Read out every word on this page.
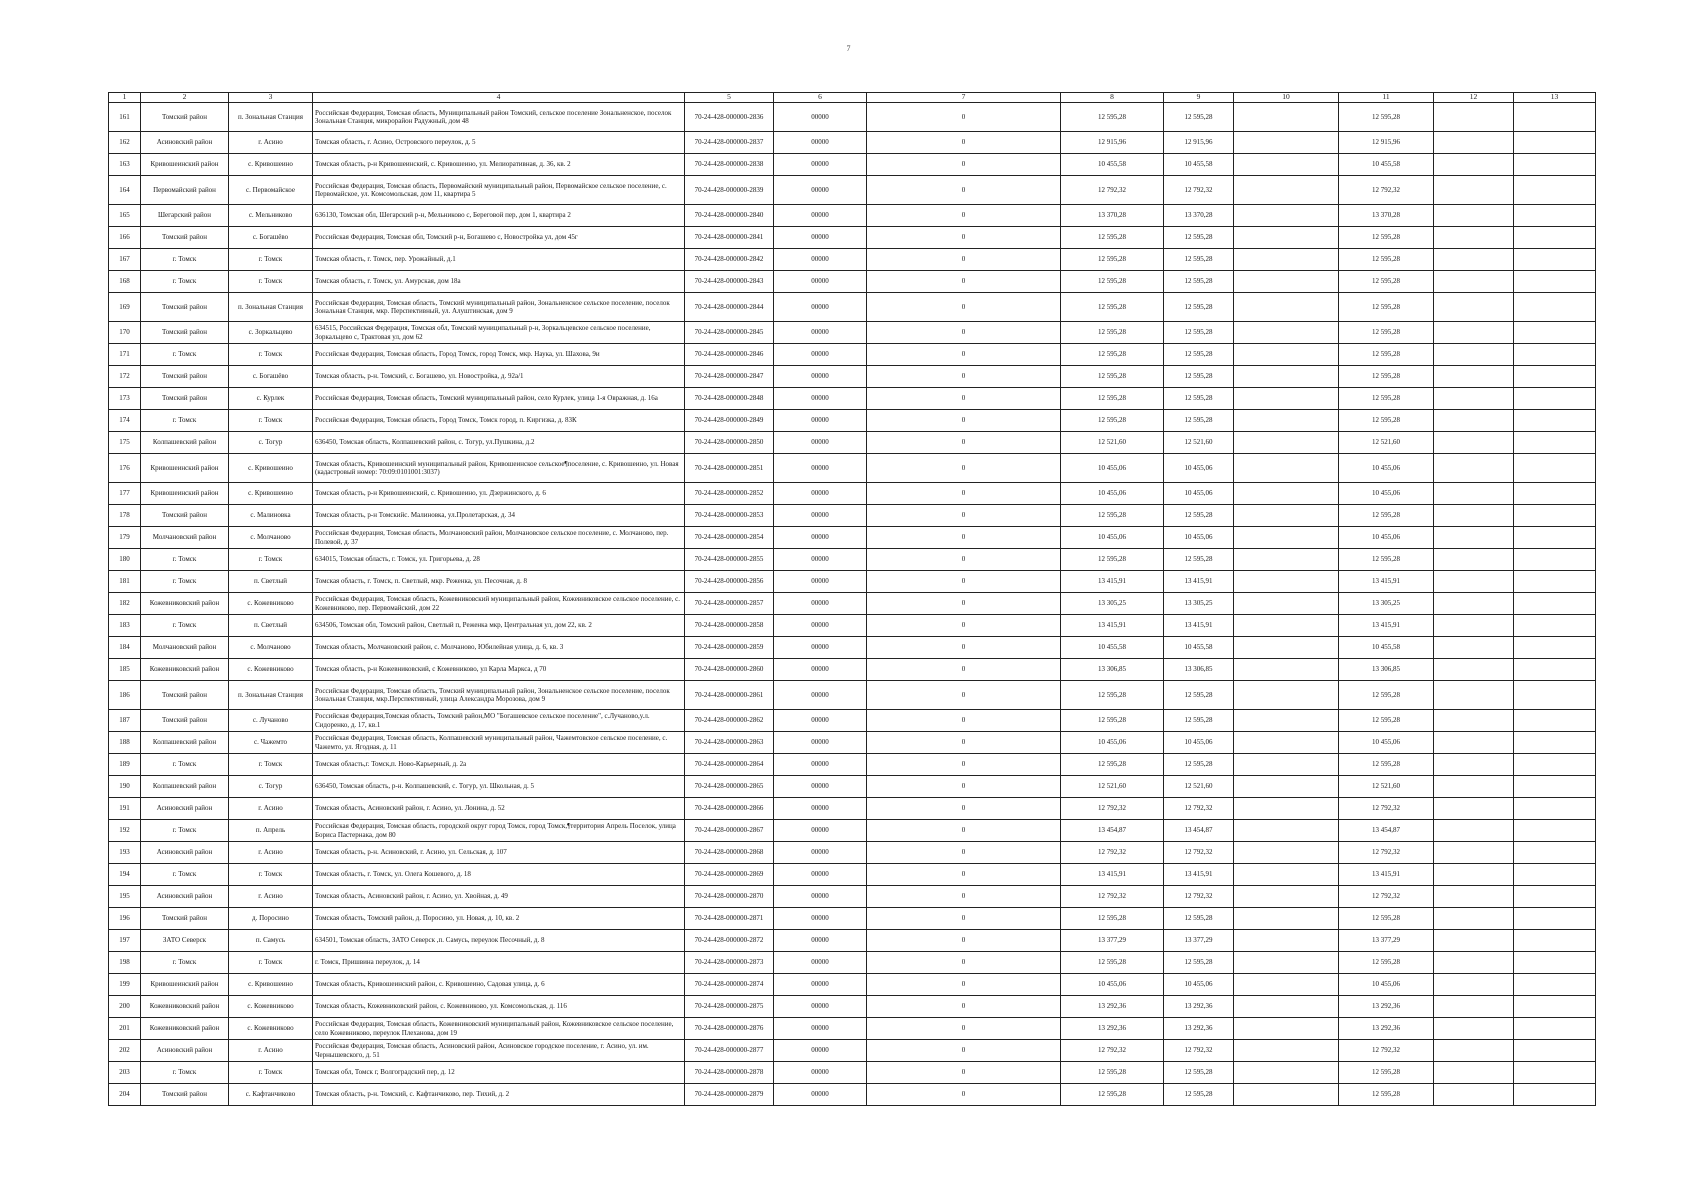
7
1	2	3	4	5	6	7	8	9	10	11	12	13
161	Томский район	п. Зональная Станция	Российская Федерация, Томская область, Муниципальный район Томский, сельское поселение Зональненское, поселок Зональная Станция, микрорайон Радужный, дом 48	70-24-428-000000-2836	00000	0	12 595,28	12 595,28		12 595,28		
162	Асиновский район	г. Асино	Томская область, г. Асино, Островского переулок, д. 5	70-24-428-000000-2837	00000	0	12 915,96	12 915,96		12 915,96		
163	Кривошеинский район	с. Кривошеино	Томская область, р-н Кривошеинский, с. Кривошеино, ул. Мелиоративная, д. 36, кв. 2	70-24-428-000000-2838	00000	0	10 455,58	10 455,58		10 455,58		
164	Первомайский район	с. Первомайское	Российская Федерация, Томская область, Первомайский муниципальный район, Первомайское сельское поселение, с. Первомайское, ул. Комсомольская, дом 11, квартира 5	70-24-428-000000-2839	00000	0	12 792,32	12 792,32		12 792,32		
165	Шегарский район	с. Мельниково	636130, Томская обл, Шегарский р-н, Мельниково с, Береговой пер, дом 1, квартира 2	70-24-428-000000-2840	00000	0	13 370,28	13 370,28		13 370,28		
166	Томский район	с. Богашёво	Российская Федерация, Томская обл, Томский р-н, Богашево с, Новостройка ул, дом 45г	70-24-428-000000-2841	00000	0	12 595,28	12 595,28		12 595,28		
167	г. Томск	г. Томск	Томская область, г. Томск, пер. Урожайный, д.1	70-24-428-000000-2842	00000	0	12 595,28	12 595,28		12 595,28		
168	г. Томск	г. Томск	Томская область, г. Томск, ул. Амурская, дом 18а	70-24-428-000000-2843	00000	0	12 595,28	12 595,28		12 595,28		
169	Томский район	п. Зональная Станция	Российская Федерация, Томская область, Томский муниципальный район, Зональненское сельское поселение, поселок Зональная Станция, мкр. Перспективный, ул. Алуштинская, дом 9	70-24-428-000000-2844	00000	0	12 595,28	12 595,28		12 595,28		
170	Томский район	с. Зоркальцево	634515, Российская Федерация, Томская обл, Томский муниципальный р-н, Зоркальцевское сельское поселение, Зоркальцево с, Трактовая ул, дом 62	70-24-428-000000-2845	00000	0	12 595,28	12 595,28		12 595,28		
171	г. Томск	г. Томск	Российская Федерация, Томская область, Город Томск, город Томск, мкр. Наука, ул. Шахова, 9и	70-24-428-000000-2846	00000	0	12 595,28	12 595,28		12 595,28		
172	Томский район	с. Богашёво	Томская область, р-н. Томский, с. Богашево, ул. Новостройка, д. 92а/1	70-24-428-000000-2847	00000	0	12 595,28	12 595,28		12 595,28		
173	Томский район	с. Курлек	Российская Федерация, Томская область, Томский муниципальный район, село Курлек, улица 1-я Овражная, д. 16а	70-24-428-000000-2848	00000	0	12 595,28	12 595,28		12 595,28		
174	г. Томск	г. Томск	Российская Федерация, Томская область, Город Томск, Томск город, п. Киргизка, д. 83К	70-24-428-000000-2849	00000	0	12 595,28	12 595,28		12 595,28		
175	Колпашевский район	с. Тогур	636450, Томская область, Колпашевский район, с. Тогур, ул.Пушкина, д.2	70-24-428-000000-2850	00000	0	12 521,60	12 521,60		12 521,60		
176	Кривошеинский район	с. Кривошеино	Томская область, Кривошеинский муниципальный район, Кривошеинское сельское¶поселение, с. Кривошеино, ул. Новая (кадастровый номер: 70:09:0101001:3037)	70-24-428-000000-2851	00000	0	10 455,06	10 455,06		10 455,06		
177	Кривошеинский район	с. Кривошеино	Томская область, р-н Кривошеинский, с. Кривошеино, ул. Дзержинского, д. 6	70-24-428-000000-2852	00000	0	10 455,06	10 455,06		10 455,06		
178	Томский район	с. Малиновка	Томская область, р-н Томскийс. Малиновка, ул.Пролетарская, д. 34	70-24-428-000000-2853	00000	0	12 595,28	12 595,28		12 595,28		
179	Молчановский район	с. Молчаново	Российская Федерация, Томская область, Молчановский район, Молчановское сельское поселение, с. Молчаново, пер. Полевой, д. 37	70-24-428-000000-2854	00000	0	10 455,06	10 455,06		10 455,06		
180	г. Томск	г. Томск	634015, Томская область, г. Томск, ул. Григорьева, д. 28	70-24-428-000000-2855	00000	0	12 595,28	12 595,28		12 595,28		
181	г. Томск	п. Светлый	Томская область, г. Томск, п. Светлый, мкр. Реженка, ул. Песочная, д. 8	70-24-428-000000-2856	00000	0	13 415,91	13 415,91		13 415,91		
182	Кожевниковский район	с. Кожевниково	Российская Федерация, Томская область, Кожевниковский муниципальный район, Кожевниковское сельское поселение, с. Кожевниково, пер. Первомайский, дом 22	70-24-428-000000-2857	00000	0	13 305,25	13 305,25		13 305,25		
183	г. Томск	п. Светлый	634506, Томская обл, Томский район, Светлый п, Реженка мкр, Центральная ул, дом 22, кв. 2	70-24-428-000000-2858	00000	0	13 415,91	13 415,91		13 415,91		
184	Молчановский район	с. Молчаново	Томская область, Молчановский район, с. Молчаново, Юбилейная улица, д. 6, кв. 3	70-24-428-000000-2859	00000	0	10 455,58	10 455,58		10 455,58		
185	Кожевниковский район	с. Кожевниково	Томская область, р-н Кожевниковский, с Кожевниково, ул Карла Маркса, д 70	70-24-428-000000-2860	00000	0	13 306,85	13 306,85		13 306,85		
186	Томский район	п. Зональная Станция	Российская Федерация, Томская область, Томский муниципальный район, Зональненское сельское поселение, поселок Зональная Станция, мкр.Перспективный, улица Александра Морозова, дом 9	70-24-428-000000-2861	00000	0	12 595,28	12 595,28		12 595,28		
187	Томский район	с. Лучаново	Российская Федерация,Томская область, Томский район,МО "Богашевское сельское поселение", с.Лучаново,у.л. Сидоренко, д. 17, кв.1	70-24-428-000000-2862	00000	0	12 595,28	12 595,28		12 595,28		
188	Колпашевский район	с. Чажемто	Российская Федерация, Томская область, Колпашевский муниципальный район, Чажемтовское сельское поселение, с. Чажемто, ул. Ягодная, д. 11	70-24-428-000000-2863	00000	0	10 455,06	10 455,06		10 455,06		
189	г. Томск	г. Томск	Томская область,г. Томск,п. Ново-Карьерный, д. 2а	70-24-428-000000-2864	00000	0	12 595,28	12 595,28		12 595,28		
190	Колпашевский район	с. Тогур	636450, Томская область, р-н. Колпашевский, с. Тогур, ул. Школьная, д. 5	70-24-428-000000-2865	00000	0	12 521,60	12 521,60		12 521,60		
191	Асиновский район	г. Асино	Томская область, Асиновский район, г. Асино, ул. Лонина, д. 52	70-24-428-000000-2866	00000	0	12 792,32	12 792,32		12 792,32		
192	г. Томск	п. Апрель	Российская Федерация, Томская область, городской округ город Томск, город Томск,¶территория Апрель Поселок, улица Бориса Пастернака, дом 80	70-24-428-000000-2867	00000	0	13 454,87	13 454,87		13 454,87		
193	Асиновский район	г. Асино	Томская область, р-н. Асиновский, г. Асино, ул. Сельская, д. 107	70-24-428-000000-2868	00000	0	12 792,32	12 792,32		12 792,32		
194	г. Томск	г. Томск	Томская область, г. Томск, ул. Олега Кошевого, д. 18	70-24-428-000000-2869	00000	0	13 415,91	13 415,91		13 415,91		
195	Асиновский район	г. Асино	Томская область, Асиновский район, г. Асино, ул. Хвойная, д. 49	70-24-428-000000-2870	00000	0	12 792,32	12 792,32		12 792,32		
196	Томский район	д. Поросино	Томская область, Томский район, д. Поросино, ул. Новая, д. 10, кв. 2	70-24-428-000000-2871	00000	0	12 595,28	12 595,28		12 595,28		
197	ЗАТО Северск	п. Самусь	634501, Томская область, ЗАТО Северск ,п. Самусь, переулок Песочный, д. 8	70-24-428-000000-2872	00000	0	13 377,29	13 377,29		13 377,29		
198	г. Томск	г. Томск	г. Томск, Пришвина переулок, д. 14	70-24-428-000000-2873	00000	0	12 595,28	12 595,28		12 595,28		
199	Кривошеинский район	с. Кривошеино	Томская область, Кривошеинский район, с. Кривошеино, Садовая улица, д. 6	70-24-428-000000-2874	00000	0	10 455,06	10 455,06		10 455,06		
200	Кожевниковский район	с. Кожевниково	Томская область, Кожевниковский район, с. Кожевниково, ул. Комсомольская, д. 116	70-24-428-000000-2875	00000	0	13 292,36	13 292,36		13 292,36		
201	Кожевниковский район	с. Кожевниково	Российская Федерация, Томская область, Кожевниковский муниципальный район, Кожевниковское сельское поселение, село Кожевниково, переулок Плеханова, дом 19	70-24-428-000000-2876	00000	0	13 292,36	13 292,36		13 292,36		
202	Асиновский район	г. Асино	Российская Федерация, Томская область, Асиновский район, Асиновское городское поселение, г. Асино, ул. им. Чернышевского, д. 51	70-24-428-000000-2877	00000	0	12 792,32	12 792,32		12 792,32		
203	г. Томск	г. Томск	Томская обл, Томск г, Волгоградский пер, д. 12	70-24-428-000000-2878	00000	0	12 595,28	12 595,28		12 595,28		
204	Томский район	с. Кафтанчиково	Томская область, р-н. Томский, с. Кафтанчиково, пер. Тихий, д. 2	70-24-428-000000-2879	00000	0	12 595,28	12 595,28		12 595,28		
